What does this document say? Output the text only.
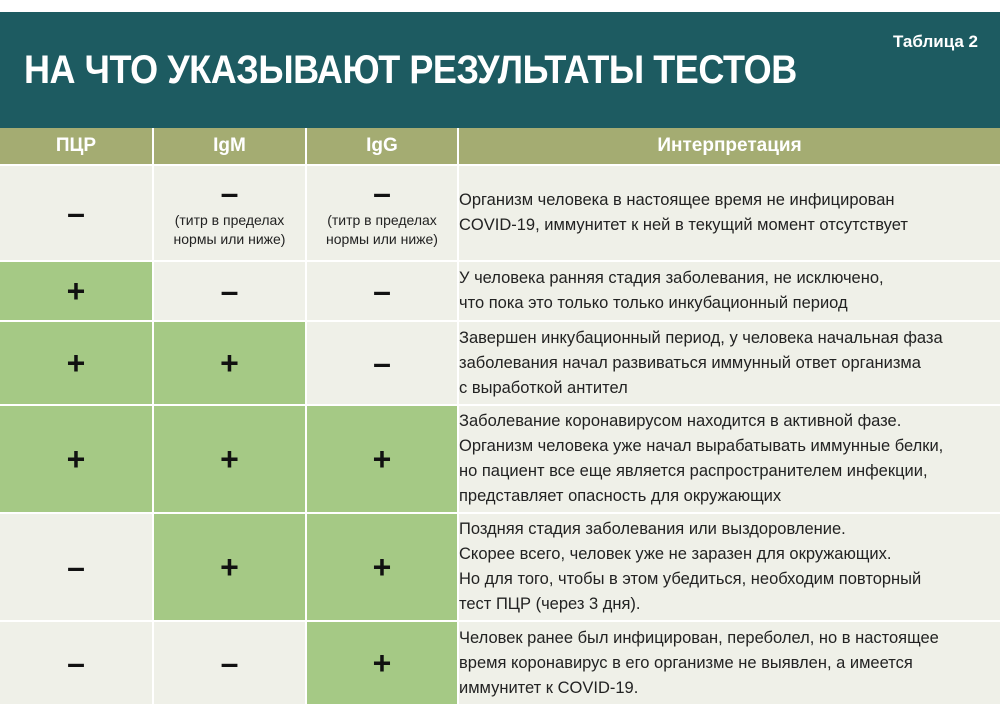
НА ЧТО УКАЗЫВАЮТ РЕЗУЛЬТАТЫ ТЕСТОВ
Таблица 2
ПЦР	IgM	IgG	Интерпретация

–	–
(титр в пределах
нормы или ниже)	–
(титр в пределах
нормы или ниже)	Организм человека в настоящее время не инфицирован
COVID-19, иммунитет к ней в текущий момент отсутствует

+	–	–	У человека ранняя стадия заболевания, не исключено,
что пока это только только инкубационный период

+	+	–	Завершен инкубационный период, у человека начальная фаза
заболевания начал развиваться иммунный ответ организма
с выработкой антител

+	+	+	Заболевание коронавирусом находится в активной фазе.
Организм человека уже начал вырабатывать иммунные белки,
но пациент все еще является распространителем инфекции,
представляет опасность для окружающих

–	+	+	Поздняя стадия заболевания или выздоровление.
Скорее всего, человек уже не заразен для окружающих.
Но для того, чтобы в этом убедиться, необходим повторный
тест ПЦР (через 3 дня).

–	–	+	Человек ранее был инфицирован, переболел, но в настоящее
время коронавирус в его организме не выявлен, а имеется
иммунитет к COVID-19.
